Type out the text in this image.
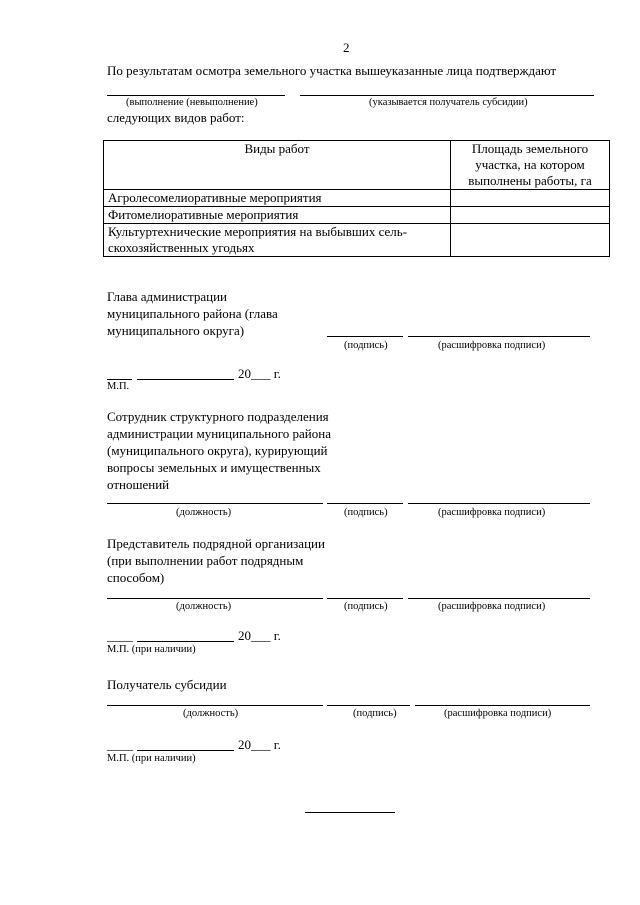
2
По результатам осмотра земельного участка вышеуказанные лица подтверждают
(выполнение (невыполнение)	(указывается получатель субсидии)
следующих видов работ:
Виды работ	Площадь земельного участка, на котором выполнены работы, га
Агролесомелиоративные мероприятия	
Фитомелиоративные мероприятия	

Культуртехнические мероприятия на выбывших сель-
скохозяйственных угодьях	

Глава администрации
муниципального района (глава
муниципального округа)
(подпись)	(расшифровка подписи)
20___ г.
М.П.
Сотрудник структурного подразделения
администрации муниципального района
(муниципального округа), курирующий
вопросы земельных и имущественных
отношений
(должность)	(подпись)	(расшифровка подписи)
Представитель подрядной организации
(при выполнении работ подрядным
способом)
(должность)	(подпись)	(расшифровка подписи)
____	20___ г.
М.П. (при наличии)
Получатель субсидии
(должность)	(подпись)	(расшифровка подписи)
____	20___ г.
М.П. (при наличии)
